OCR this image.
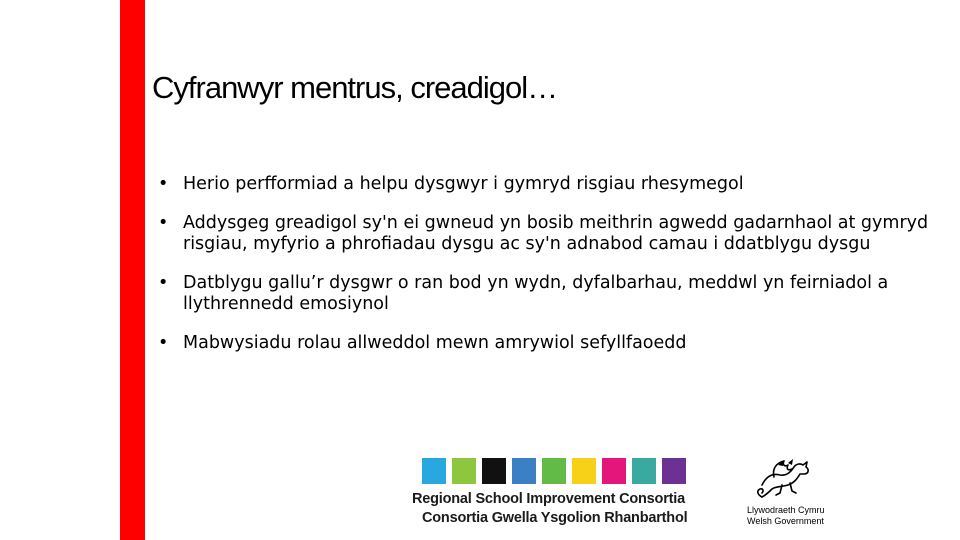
Cyfranwyr mentrus, creadigol…
• Herio perfformiad a helpu dysgwyr i gymryd risgiau rhesymegol
• Addysgeg greadigol sy'n ei gwneud yn bosib meithrin agwedd gadarnhaol at gymryd risgiau, myfyrio a phrofiadau dysgu ac sy'n adnabod camau i ddatblygu dysgu
• Datblygu gallu’r dysgwr o ran bod yn wydn, dyfalbarhau, meddwl yn feirniadol a llythrennedd emosiynol
• Mabwysiadu rolau allweddol mewn amrywiol sefyllfaoedd
Regional School Improvement Consortia
Consortia Gwella Ysgolion Rhanbarthol	Llywodraeth Cymru
Welsh Government
